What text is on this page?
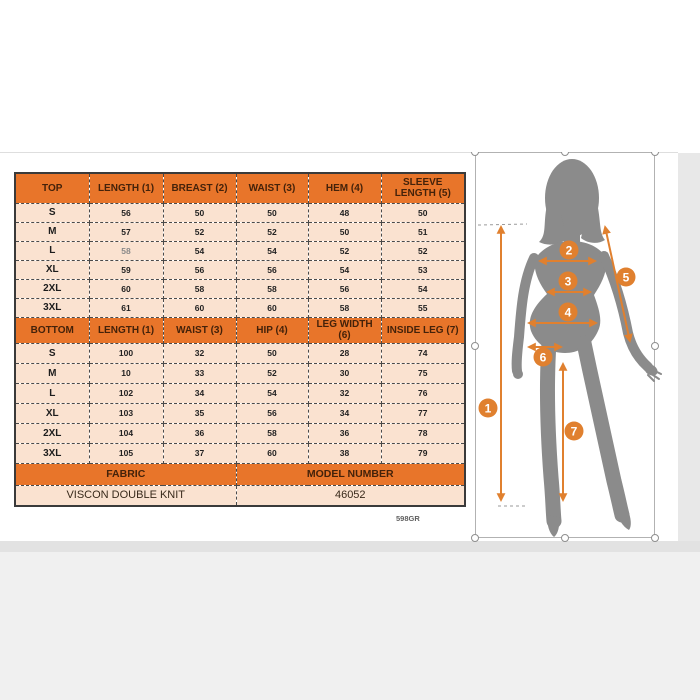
TOP	LENGTH (1)	BREAST (2)	WAIST (3)	HEM (4)	SLEEVE LENGTH (5)
S	56	50	50	48	50
M	57	52	52	50	51
L	58	54	54	52	52
XL	59	56	56	54	53
2XL	60	58	58	56	54
3XL	61	60	60	58	55
BOTTOM	LENGTH (1)	WAIST (3)	HIP (4)	LEG WIDTH (6)	INSIDE LEG (7)
S	100	32	50	28	74
M	10	33	52	30	75
L	102	34	54	32	76
XL	103	35	56	34	77
2XL	104	36	58	36	78
3XL	105	37	60	38	79
FABRIC			MODEL NUMBER		
VISCON DOUBLE KNIT			46052		
598GR
1
2
3
4
5
6
7
